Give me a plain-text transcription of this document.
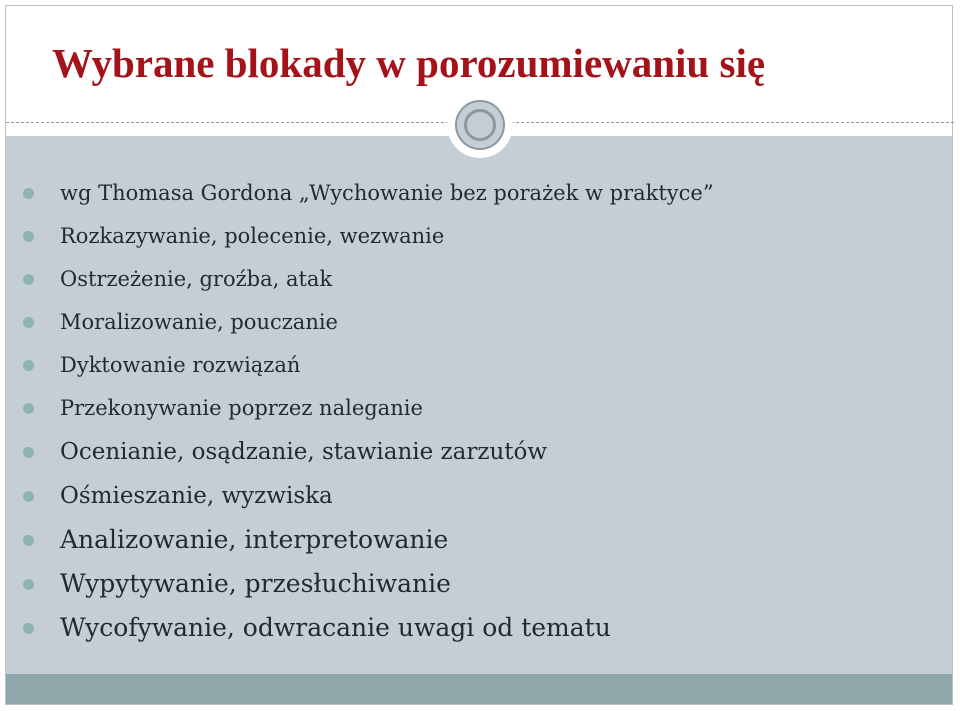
Wybrane blokady w porozumiewaniu się
wg Thomasa Gordona „Wychowanie bez porażek w praktyce”
Rozkazywanie, polecenie, wezwanie
Ostrzeżenie, groźba, atak
Moralizowanie, pouczanie
Dyktowanie rozwiązań
Przekonywanie poprzez naleganie
Ocenianie, osądzanie, stawianie zarzutów
Ośmieszanie, wyzwiska
Analizowanie, interpretowanie
Wypytywanie, przesłuchiwanie
Wycofywanie, odwracanie uwagi od tematu
